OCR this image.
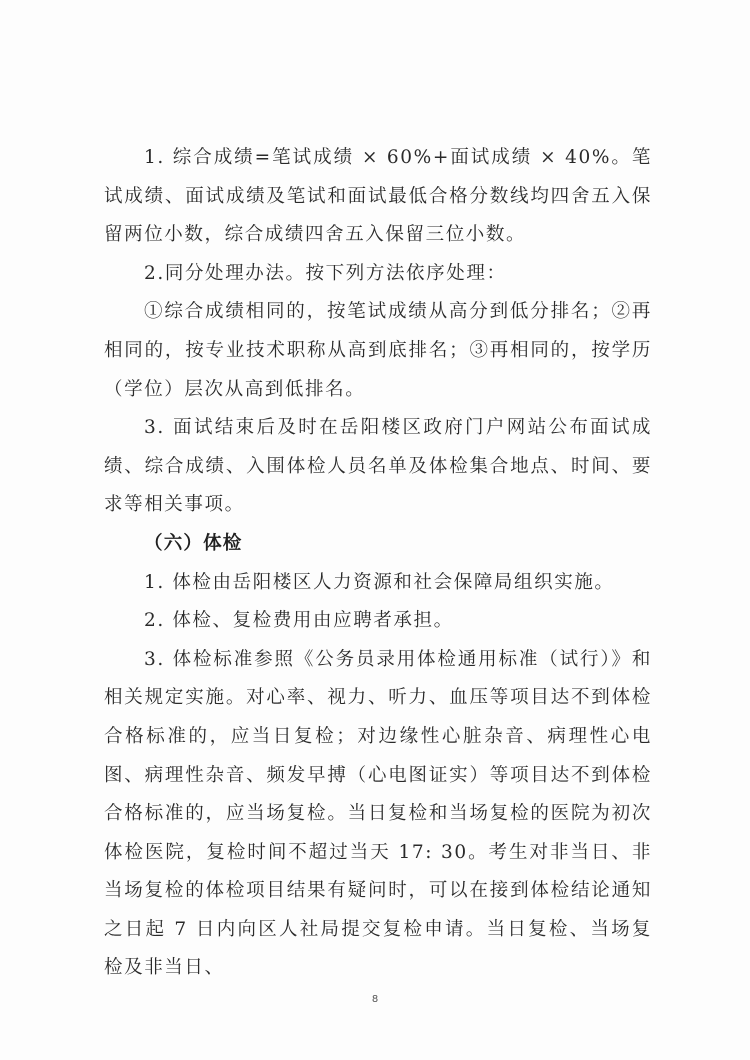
1. 综合成绩=笔试成绩 × 60%+面试成绩 × 40%。笔试成绩、面试成绩及笔试和面试最低合格分数线均四舍五入保留两位小数，综合成绩四舍五入保留三位小数。

2.同分处理办法。按下列方法依序处理：

①综合成绩相同的，按笔试成绩从高分到低分排名；②再相同的，按专业技术职称从高到底排名；③再相同的，按学历（学位）层次从高到低排名。

3. 面试结束后及时在岳阳楼区政府门户网站公布面试成绩、综合成绩、入围体检人员名单及体检集合地点、时间、要求等相关事项。

（六）体检

1. 体检由岳阳楼区人力资源和社会保障局组织实施。

2. 体检、复检费用由应聘者承担。

3. 体检标准参照《公务员录用体检通用标准（试行）》和相关规定实施。对心率、视力、听力、血压等项目达不到体检合格标准的，应当日复检；对边缘性心脏杂音、病理性心电图、病理性杂音、频发早搏（心电图证实）等项目达不到体检合格标准的，应当场复检。当日复检和当场复检的医院为初次体检医院，复检时间不超过当天 17: 30。考生对非当日、非当场复检的体检项目结果有疑问时，可以在接到体检结论通知之日起 7 日内向区人社局提交复检申请。当日复检、当场复检及非当日、

8
